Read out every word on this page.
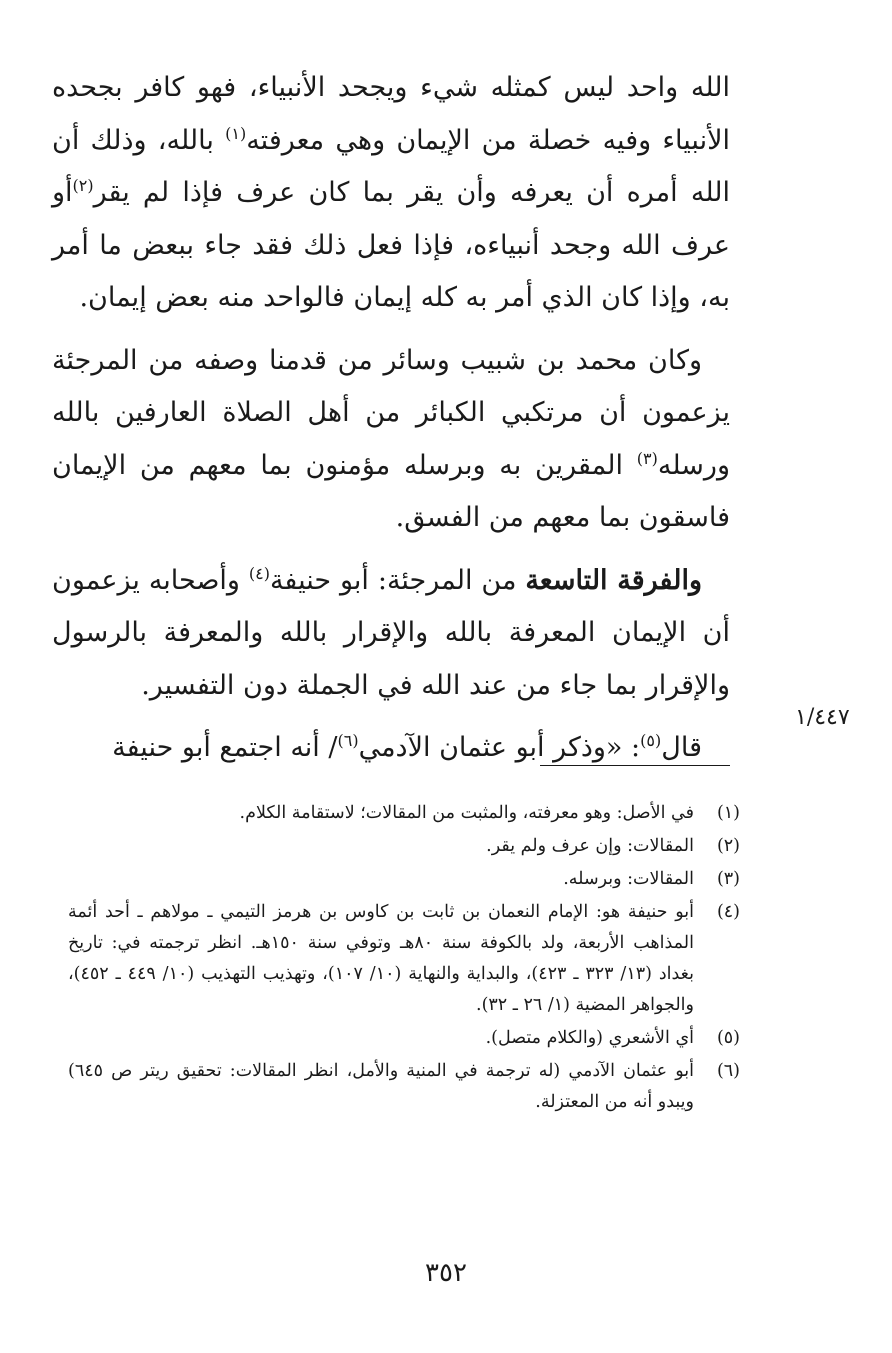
الله واحد ليس كمثله شيء ويجحد الأنبياء، فهو كافر بجحده الأنبياء وفيه خصلة من الإيمان وهي معرفته$^{(١)}$ بالله، وذلك أن الله أمره أن يعرفه وأن يقر بما كان عرف فإذا لم يقر$^{(٢)}$أو عرف الله وجحد أنبياءه، فإذا فعل ذلك فقد جاء ببعض ما أمر به، وإذا كان الذي أمر به كله إيمان فالواحد منه بعض إيمان.

وكان محمد بن شبيب وسائر من قدمنا وصفه من المرجئة يزعمون أن مرتكبي الكبائر من أهل الصلاة العارفين بالله ورسله$^{(٣)}$ المقرين به وبرسله مؤمنون بما معهم من الإيمان فاسقون بما معهم من الفسق.

والفرقة التاسعة من المرجئة: أبو حنيفة$^{(٤)}$ وأصحابه يزعمون أن الإيمان المعرفة بالله والإقرار بالله والمعرفة بالرسول والإقرار بما جاء من عند الله في الجملة دون التفسير.

قال$^{(٥)}$: «وذكر أبو عثمان الآدمي$^{(٦)}$/ أنه اجتمع أبو حنيفة

١/٤٤٧
(١)
في الأصل: وهو معرفته، والمثبت من المقالات؛ لاستقامة الكلام.
(٢)
المقالات: وإن عرف ولم يقر.
(٣)
المقالات: وبرسله.
(٤)
أبو حنيفة هو: الإمام النعمان بن ثابت بن كاوس بن هرمز التيمي ـ مولاهم ـ أحد أئمة المذاهب الأربعة، ولد بالكوفة سنة ٨٠هـ وتوفي سنة ١٥٠هـ. انظر ترجمته في: تاريخ بغداد (١٣/ ٣٢٣ ـ ٤٢٣)، والبداية والنهاية (١٠/ ١٠٧)، وتهذيب التهذيب (١٠/ ٤٤٩ ـ ٤٥٢)، والجواهر المضية (١/ ٢٦ ـ ٣٢).
(٥)
أي الأشعري (والكلام متصل).
(٦)
أبو عثمان الآدمي (له ترجمة في المنية والأمل، انظر المقالات: تحقيق ريتر ص ٦٤٥) ويبدو أنه من المعتزلة.
٣٥٢
